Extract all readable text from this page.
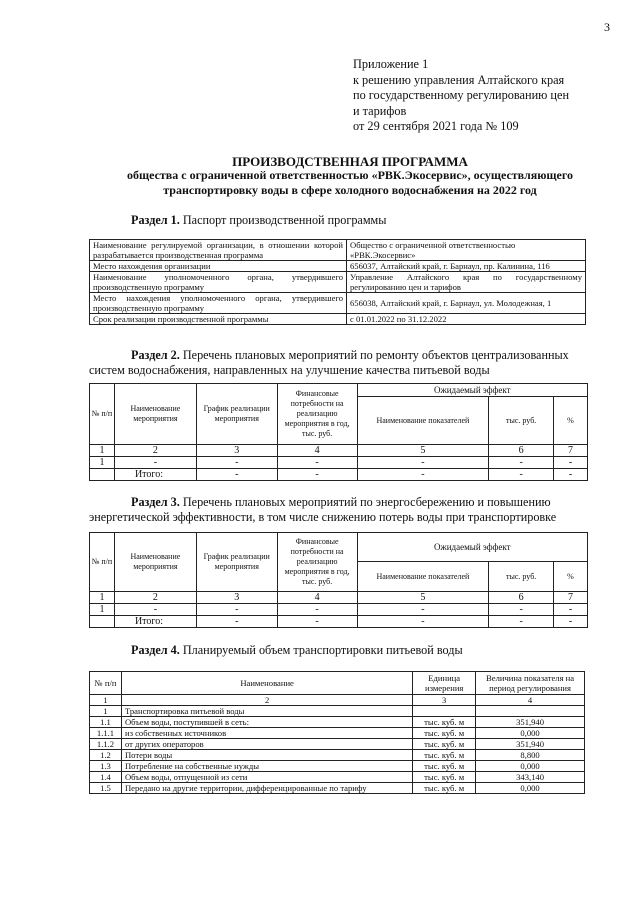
3
Приложение 1
к решению управления Алтайского края
по государственному регулированию цен
и тарифов
от 29 сентября 2021 года № 109
ПРОИЗВОДСТВЕННАЯ ПРОГРАММА
общества с ограниченной ответственностью «РВК.Экосервис», осуществляющего
транспортировку воды в сфере холодного водоснабжения на 2022 год
Раздел 1. Паспорт производственной программы
Наименование регулируемой организации, в отношении которой разрабатывается производственная программа	Общество с ограниченной ответственностью «РВК.Экосервис»
Место нахождения организации	656037, Алтайский край, г. Барнаул, пр. Калинина, 116
Наименование уполномоченного органа, утвердившего производственную программу	Управление Алтайского края по государственному регулированию цен и тарифов
Место нахождения уполномоченного органа, утвердившего производственную программу	656038, Алтайский край, г. Барнаул, ул. Молодежная, 1
Срок реализации производственной программы	с 01.01.2022 по 31.12.2022
Раздел 2. Перечень плановых мероприятий по ремонту объектов централизованных систем водоснабжения, направленных на улучшение качества питьевой воды
№ п/п	Наименование мероприятия	График реализации мероприятия	Финансовые потребности на реализацию мероприятия в год, тыс. руб.	Ожидаемый эффект		
				Наименование показателей	тыс. руб.	%
1	2	3	4	5	6	7
1	-	-	-	-	-	-
	Итого:	-	-	-	-	-
Раздел 3. Перечень плановых мероприятий по энергосбережению и повышению энергетической эффективности, в том числе снижению потерь воды при транспортировке
№ п/п	Наименование мероприятия	График реализации мероприятия	Финансовые потребности на реализацию мероприятия в год, тыс. руб.	Ожидаемый эффект		
				Наименование показателей	тыс. руб.	%
1	2	3	4	5	6	7
1	-	-	-	-	-	-
	Итого:	-	-	-	-	-
Раздел 4. Планируемый объем транспортировки питьевой воды
№ п/п	Наименование	Единица измерения	Величина показателя на период регулирования
1	2	3	4
1	Транспортировка питьевой воды		
1.1	Объем воды, поступившей в сеть:	тыс. куб. м	351,940
1.1.1	из собственных источников	тыс. куб. м	0,000
1.1.2	от других операторов	тыс. куб. м	351,940
1.2	Потери воды	тыс. куб. м	8,800
1.3	Потребление на собственные нужды	тыс. куб. м	0,000
1.4	Объем воды, отпущенной из сети	тыс. куб. м	343,140
1.5	Передано на другие территории, дифференцированные по тарифу	тыс. куб. м	0,000
